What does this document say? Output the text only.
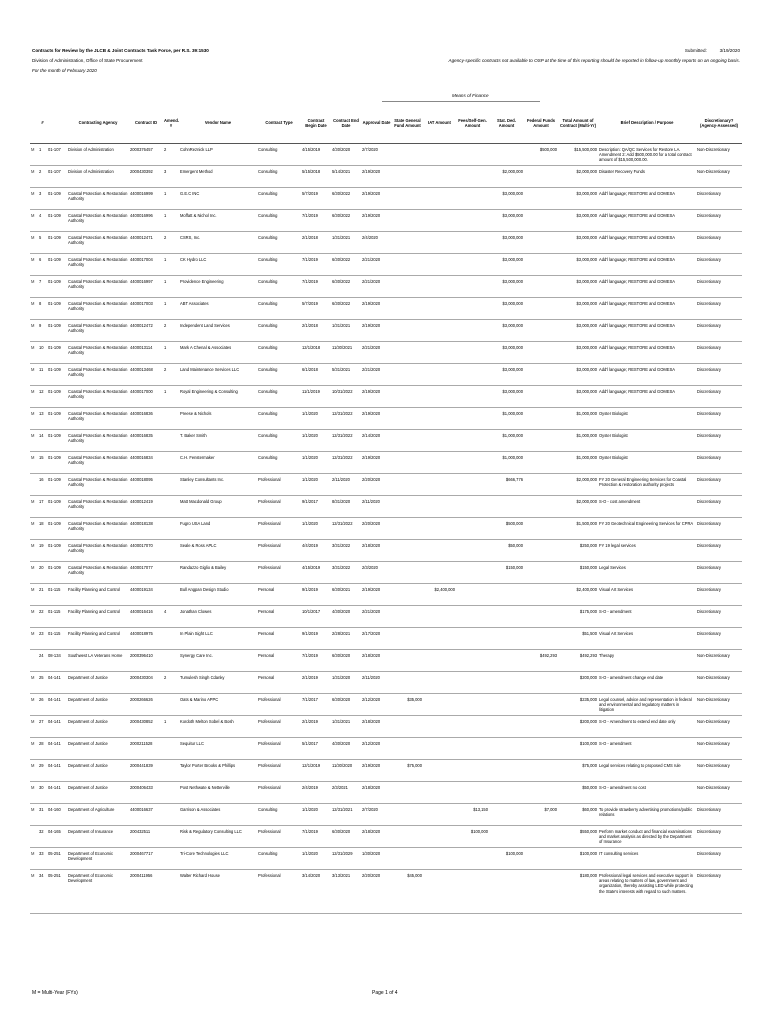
Contracts for Review by the JLCB & Joint Contracts Task Force, per R.S. 39:1530
Division of Administration, Office of State Procurement
For the month of February 2020
Submitted:	3/19/2020
Agency-specific contracts not available to OSP at the time of this reporting should be reported in follow-up monthly reports on an ongoing basis.
Means of Finance
	#		Contracting Agency	Contract ID	Amend. #	Vendor Name	Contract Type	Contract Begin Date	Contract End Date	Approval Date	State General Fund Amount	IAT Amount	Fees/Self-Gen. Amount	Stat. Ded. Amount	Federal Funds Amount	Total Amount of Contract (Multi-Yr)	Brief Description / Purpose	Discretionary? (Agency-Assessed)
M	1	01-107	Division of Administration	2000376457	2	CohnReznick LLP	Consulting	4/15/2019	4/30/2020	2/7/2020					$500,000	$15,500,000	Description: QA/QC Services for Restore LA. Amendment 2: Add $500,000.00 for a total contract amount of $15,500,000.00.	Non-Discretionary
M	2	01-107	Division of Administration	2000430392	3	Emergent Method	Consulting	5/15/2018	5/14/2021	2/19/2020				$2,000,000		$2,000,000	Disaster Recovery Funds	Non-Discretionary
M	3	01-109	Coastal Protection & Restoration Authority	4400016999	1	G.E.C INC	Consulting	5/7/2019	6/30/2022	2/19/2020				$3,000,000		$3,000,000	Add'l language; RESTORE and GOMESA	Discretionary
M	4	01-109	Coastal Protection & Restoration Authority	4400016996	1	Moffatt & Nichol Inc.	Consulting	7/1/2019	6/30/2022	2/19/2020				$3,000,000		$3,000,000	Add'l language; RESTORE and GOMESA	Discretionary
M	5	01-109	Coastal Protection & Restoration Authority	4400012471	2	CSRS, Inc.	Consulting	2/1/2018	1/31/2021	2/4/2020				$3,000,000		$3,000,000	Add'l language; RESTORE and GOMESA	Discretionary
M	6	01-109	Coastal Protection & Restoration Authority	4400017004	1	CK Hydro LLC	Consulting	7/1/2019	6/30/2022	2/21/2020				$3,000,000		$3,000,000	Add'l language; RESTORE and GOMESA	Discretionary
M	7	01-109	Coastal Protection & Restoration Authority	4400016997	1	Providence Engineering	Consulting	7/1/2019	6/30/2022	2/21/2020				$3,000,000		$3,000,000	Add'l language; RESTORE and GOMESA	Discretionary
M	8	01-109	Coastal Protection & Restoration Authority	4400017003	1	ABT Associates	Consulting	5/7/2019	6/30/2022	2/19/2020				$3,000,000		$3,000,000	Add'l language; RESTORE and GOMESA	Discretionary
M	9	01-109	Coastal Protection & Restoration Authority	4400012472	2	Independent Land Services	Consulting	2/1/2018	1/31/2021	2/19/2020				$3,000,000		$3,000,000	Add'l language; RESTORE and GOMESA	Discretionary
M	10	01-109	Coastal Protection & Restoration Authority	4400013114	1	Mark A Chenal & Associates	Consulting	12/1/2018	11/30/2021	2/21/2020				$3,000,000		$3,000,000	Add'l language; RESTORE and GOMESA	Discretionary
M	11	01-109	Coastal Protection & Restoration Authority	4400013468	2	Land Maintenance Services LLC	Consulting	6/1/2018	5/31/2021	2/21/2020				$3,000,000		$3,000,000	Add'l language; RESTORE and GOMESA	Discretionary
M	12	01-109	Coastal Protection & Restoration Authority	4400017000	1	Royal Engineering & Consulting	Consulting	11/1/2019	10/31/2022	2/19/2020				$3,000,000		$3,000,000	Add'l language; RESTORE and GOMESA	Discretionary
M	13	01-109	Coastal Protection & Restoration Authority	4400016836		Preese & Nichols	Consulting	1/1/2020	12/31/2022	2/19/2020				$1,000,000		$1,000,000	Oyster Biologist	Discretionary
M	14	01-109	Coastal Protection & Restoration Authority	4400016835		T. Baker Smith	Consulting	1/1/2020	12/31/2022	2/14/2020				$1,000,000		$1,000,000	Oyster Biologist	Discretionary
M	15	01-109	Coastal Protection & Restoration Authority	4400016834		C.H. Fenstermaker	Consulting	1/1/2020	12/31/2022	2/19/2020				$1,000,000		$1,000,000	Oyster Biologist	Discretionary
	16	01-109	Coastal Protection & Restoration Authority	4400018095		Stanley Consultants Inc.	Professional	1/1/2020	2/11/2020	2/20/2020				$666,776		$2,000,000	FY 20 General Engineering Services for Coastal Protection & restoration authority projects	Discretionary
M	17	01-109	Coastal Protection & Restoration Authority	4400012419		Matt Macdonald Group	Professional	9/1/2017	8/31/2020	2/11/2020						$2,000,000	S-O - cost amendment	Discretionary
M	18	01-109	Coastal Protection & Restoration Authority	4400018138		Fugro USA Land	Professional	1/1/2020	12/31/2022	2/20/2020				$500,000		$1,500,000	FY 20 Geotechnical Engineering Services for CPRA	Discretionary
M	19	01-109	Coastal Protection & Restoration Authority	4400017070		Seale & Ross APLC	Professional	4/4/2019	3/31/2022	2/18/2020				$50,000		$250,000	FY 19 legal services	Discretionary
M	20	01-109	Coastal Protection & Restoration Authority	4400017077		Randazzo Giglio & Bailey	Professional	4/15/2019	3/31/2022	2/3/2020				$150,000		$150,000	Legal Services	Discretionary
M	21	01-115	Facility Planning and Control	4400019134		Bull Angpan Design Studio	Personal	9/1/2019	6/30/2021	2/19/2020		$2,400,000				$2,400,000	Visual Art Services	Discretionary
M	22	01-115	Facility Planning and Control	4400016416	4	Jonathan Clowes	Personal	10/1/2017	4/30/2020	2/21/2020						$175,000	S-O - amendment	Discretionary
M	23	01-115	Facility Planning and Control	4400018975		In Plain Sight LLC	Personal	9/1/2019	2/28/2021	2/17/2020						$51,500	Visual Art Services	Discretionary
	24	08-134	Southwest LA Veterans Home	2000396410		Synergy Care Inc.	Personal	7/1/2019	6/30/2020	2/18/2020					$492,293	$492,293	Therapy	Non-Discretionary
M	25	04-141	Department of Justice	2000430304	2	Tumulesh Singh Cdanky	Personal	2/1/2019	1/31/2020	2/11/2020						$200,000	S-O - amendment change end date	Non-Discretionary
M	26	04-141	Department of Justice	2000266626		Oats & Marino APPC	Professional	7/1/2017	6/30/2020	2/12/2020	$35,000					$235,000	Legal counsel, advice and representation in federal and environmental and regulatory matters in litigation	Non-Discretionary
M	27	04-141	Department of Justice	2000430852	1	Kordoth Melton Sobel & Bosh	Professional	2/1/2019	1/31/2021	2/18/2020						$200,000	S-O - Amendment to extend end date only	Non-Discretionary
M	28	04-141	Department of Justice	2000211528		Sequitur LLC	Professional	5/1/2017	4/30/2020	2/12/2020						$100,000	S-O - amendment	Non-Discretionary
M	29	04-141	Department of Justice	2000441839		Taylor Porter Brooks & Phillips	Professional	12/1/2019	11/30/2020	2/19/2020	$75,000					$75,000	Legal services relating to proposed CMS rule	Non-Discretionary
M	30	04-141	Department of Justice	2000406433		Post Nethwate & Netterville	Professional	2/4/2019	2/3/2021	2/18/2020						$50,000	S-O - amendment no cost	Non-Discretionary
M	31	04-160	Department of Agriculture	4400016637		Garrison & Associates	Consulting	1/1/2020	12/31/2021	2/7/2020			$13,150		$7,000	$60,000	To provide strawberry advertising promotions/public relations	Discretionary
	32	04-165	Department of Insurance	200432511		Risk & Regulatory Consulting LLC	Professional	7/1/2019	6/30/2020	2/18/2020			$100,000			$550,000	Perform market conduct and financial examinations and market analysis as directed by the Department of Insurance	Discretionary
M	33	05-251	Department of Economic Development	2000467717		Tri-Core Technologies LLC	Consulting	1/1/2020	12/31/2029	1/30/2020				$100,000		$100,000	IT consulting services	Discretionary
M	34	05-251	Department of Economic Development	2000411956		Walter Richard House	Professional	3/14/2020	3/13/2021	2/20/2020	$45,000					$180,000	Professional legal services and executive support in areas relating to matters of law, government and organization, thereby assisting LED while protecting the State's interests with regard to such matters.	Discretionary
M = Multi-Year (FYs)	Page 1 of 4
